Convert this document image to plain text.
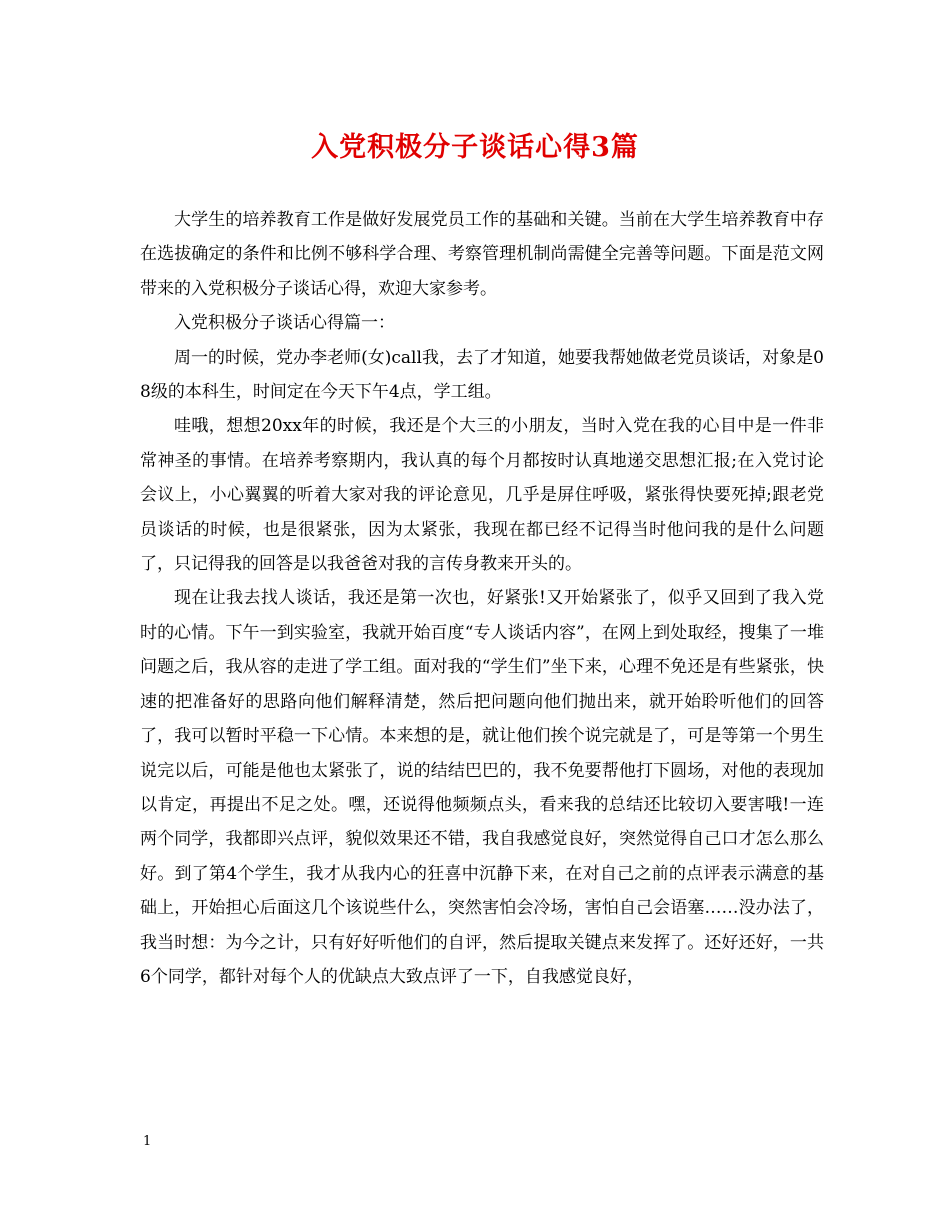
入党积极分子谈话心得3篇

大学生的培养教育工作是做好发展党员工作的基础和关键。当前在大学生培养教育中存在选拔确定的条件和比例不够科学合理、考察管理机制尚需健全完善等问题。下面是范文网带来的入党积极分子谈话心得，欢迎大家参考。

入党积极分子谈话心得篇一：

周一的时候，党办李老师(女)call我，去了才知道，她要我帮她做老党员谈话，对象是08级的本科生，时间定在今天下午4点，学工组。

哇哦，想想20xx年的时候，我还是个大三的小朋友，当时入党在我的心目中是一件非常神圣的事情。在培养考察期内，我认真的每个月都按时认真地递交思想汇报;在入党讨论会议上，小心翼翼的听着大家对我的评论意见，几乎是屏住呼吸，紧张得快要死掉;跟老党员谈话的时候，也是很紧张，因为太紧张，我现在都已经不记得当时他问我的是什么问题了，只记得我的回答是以我爸爸对我的言传身教来开头的。

现在让我去找人谈话，我还是第一次也，好紧张!又开始紧张了，似乎又回到了我入党时的心情。下午一到实验室，我就开始百度“专人谈话内容”，在网上到处取经，搜集了一堆问题之后，我从容的走进了学工组。面对我的“学生们”坐下来，心理不免还是有些紧张，快速的把准备好的思路向他们解释清楚，然后把问题向他们抛出来，就开始聆听他们的回答了，我可以暂时平稳一下心情。本来想的是，就让他们挨个说完就是了，可是等第一个男生说完以后，可能是他也太紧张了，说的结结巴巴的，我不免要帮他打下圆场，对他的表现加以肯定，再提出不足之处。嘿，还说得他频频点头，看来我的总结还比较切入要害哦!一连两个同学，我都即兴点评，貌似效果还不错，我自我感觉良好，突然觉得自己口才怎么那么好。到了第4个学生，我才从我内心的狂喜中沉静下来，在对自己之前的点评表示满意的基础上，开始担心后面这几个该说些什么，突然害怕会冷场，害怕自己会语塞……没办法了，我当时想：为今之计，只有好好听他们的自评，然后提取关键点来发挥了。还好还好，一共6个同学，都针对每个人的优缺点大致点评了一下，自我感觉良好，

1
